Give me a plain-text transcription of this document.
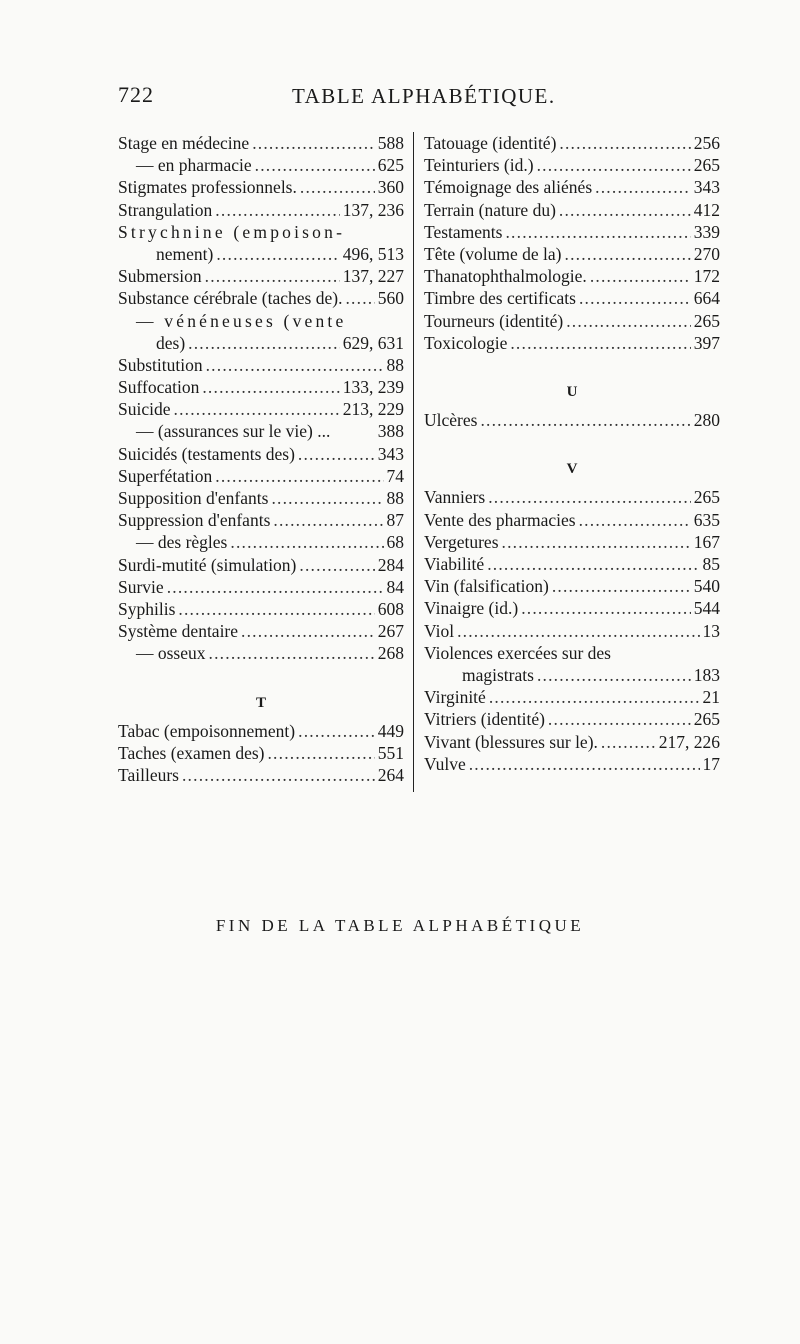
722	TABLE ALPHABÉTIQUE.
Stage en médecine .....	588
— en pharmacie .....	625
Stigmates professionnels. .....	360
Strangulation .....	137, 236
Strychnine (empoison-
nement) .....	496, 513
Submersion .....	137, 227
Substance cérébrale (taches de). ..... 560
— vénéneuses (vente
des) .....	629, 631
Substitution .....	88
Suffocation .....	133, 239
Suicide .....	213, 229
— (assurances sur le vie) ...	388
Suicidés (testaments des) .....	343
Superfétation .....	74
Supposition d'enfants .....	88
Suppression d'enfants .....	87
— des règles .....	68
Surdi-mutité (simulation) .....	284
Survie .....	84
Syphilis .....	608
Système dentaire .....	267
— osseux .....	268
T
Tabac (empoisonnement) .....	449
Taches (examen des) .....	551
Tailleurs .....	264
Tatouage (identité) .....	256
Teinturiers (id.) .....	265
Témoignage des aliénés .....	343
Terrain (nature du) .....	412
Testaments .....	339
Tête (volume de la) .....	270
Thanatophthalmologie. .....	172
Timbre des certificats .....	664
Tourneurs (identité) .....	265
Toxicologie .....	397
U
Ulcères .....	280
V
Vanniers .....	265
Vente des pharmacies .....	635
Vergetures .....	167
Viabilité .....	85
Vin (falsification) .....	540
Vinaigre (id.) .....	544
Viol .....	13
Violences exercées sur des
magistrats .....	183
Virginité .....	21
Vitriers (identité) .....	265
Vivant (blessures sur le). .....	217, 226
Vulve .....	17
FIN DE LA TABLE ALPHABÉTIQUE
